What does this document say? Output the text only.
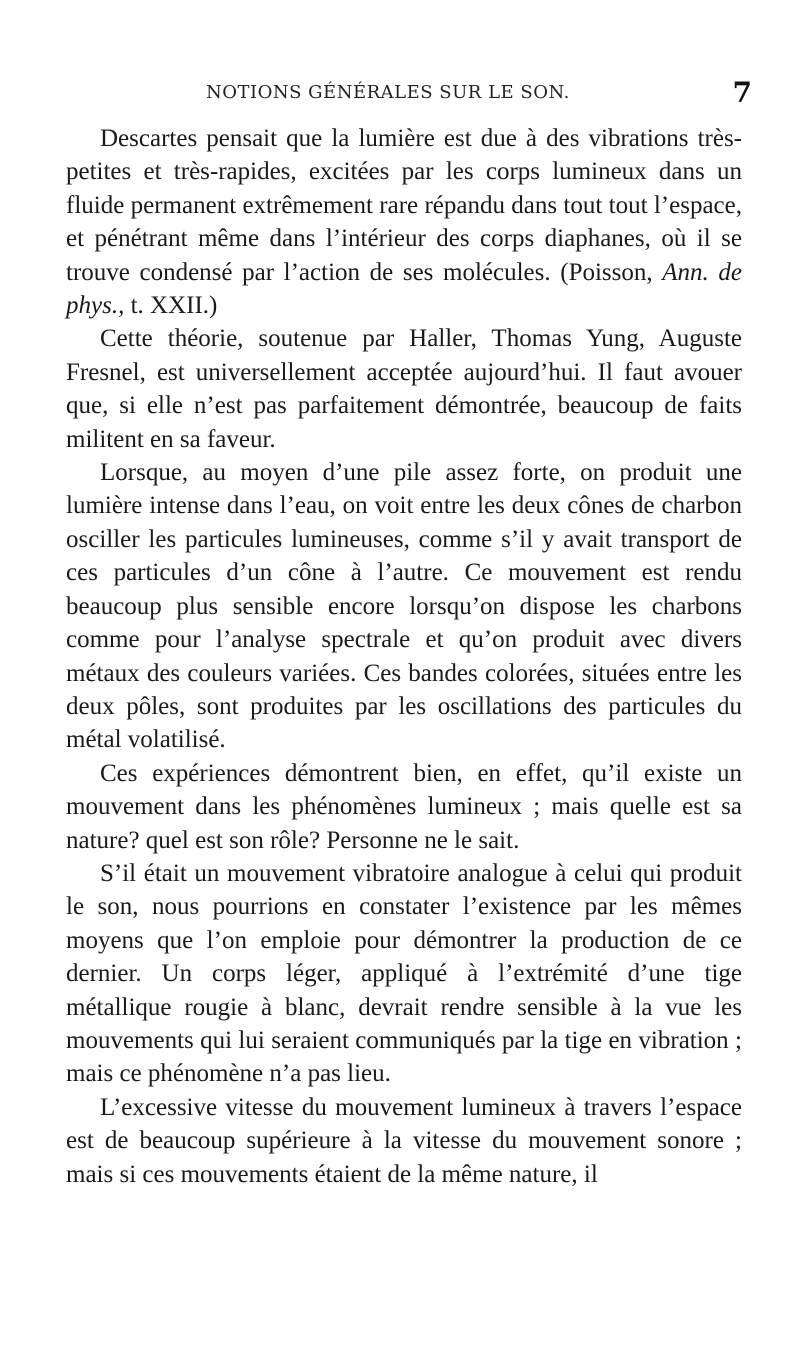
NOTIONS GÉNÉRALES SUR LE SON.	7

Descartes pensait que la lumière est due à des vibrations très-petites et très-rapides, excitées par les corps lumineux dans un fluide permanent extrêmement rare répandu dans tout tout l’espace, et pénétrant même dans l’intérieur des corps diaphanes, où il se trouve condensé par l’action de ses molécules. (Poisson, Ann. de phys., t. XXII.)

Cette théorie, soutenue par Haller, Thomas Yung, Auguste Fresnel, est universellement acceptée aujourd’hui. Il faut avouer que, si elle n’est pas parfaitement démontrée, beaucoup de faits militent en sa faveur.

Lorsque, au moyen d’une pile assez forte, on produit une lumière intense dans l’eau, on voit entre les deux cônes de charbon osciller les particules lumineuses, comme s’il y avait transport de ces particules d’un cône à l’autre. Ce mouvement est rendu beaucoup plus sensible encore lorsqu’on dispose les charbons comme pour l’analyse spectrale et qu’on produit avec divers métaux des couleurs variées. Ces bandes colorées, situées entre les deux pôles, sont produites par les oscillations des particules du métal volatilisé.

Ces expériences démontrent bien, en effet, qu’il existe un mouvement dans les phénomènes lumineux ; mais quelle est sa nature? quel est son rôle? Personne ne le sait.

S’il était un mouvement vibratoire analogue à celui qui produit le son, nous pourrions en constater l’existence par les mêmes moyens que l’on emploie pour démontrer la production de ce dernier. Un corps léger, appliqué à l’extrémité d’une tige métallique rougie à blanc, devrait rendre sensible à la vue les mouvements qui lui seraient communiqués par la tige en vibration ; mais ce phénomène n’a pas lieu.

L’excessive vitesse du mouvement lumineux à travers l’espace est de beaucoup supérieure à la vitesse du mouvement sonore ; mais si ces mouvements étaient de la même nature, il
